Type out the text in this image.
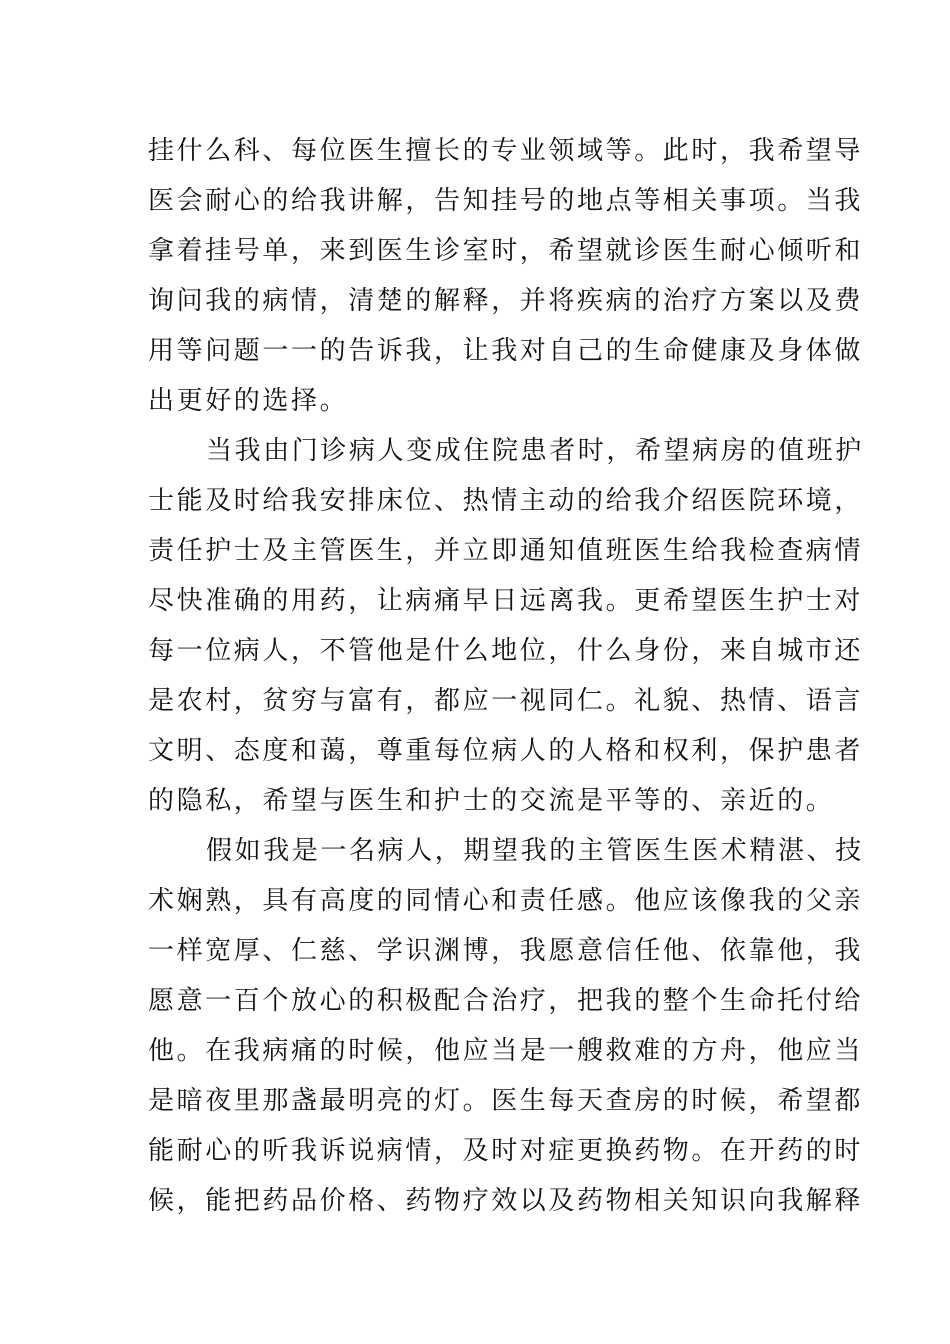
挂什么科、每位医生擅长的专业领域等。此时，我希望导
医会耐心的给我讲解，告知挂号的地点等相关事项。当我
拿着挂号单，来到医生诊室时，希望就诊医生耐心倾听和
询问我的病情，清楚的解释，并将疾病的治疗方案以及费
用等问题一一的告诉我，让我对自己的生命健康及身体做
出更好的选择。
当我由门诊病人变成住院患者时，希望病房的值班护
士能及时给我安排床位、热情主动的给我介绍医院环境，
责任护士及主管医生，并立即通知值班医生给我检查病情
尽快准确的用药，让病痛早日远离我。更希望医生护士对
每一位病人，不管他是什么地位，什么身份，来自城市还
是农村，贫穷与富有，都应一视同仁。礼貌、热情、语言
文明、态度和蔼，尊重每位病人的人格和权利，保护患者
的隐私，希望与医生和护士的交流是平等的、亲近的。
假如我是一名病人，期望我的主管医生医术精湛、技
术娴熟，具有高度的同情心和责任感。他应该像我的父亲
一样宽厚、仁慈、学识渊博，我愿意信任他、依靠他，我
愿意一百个放心的积极配合治疗，把我的整个生命托付给
他。在我病痛的时候，他应当是一艘救难的方舟，他应当
是暗夜里那盏最明亮的灯。医生每天查房的时候，希望都
能耐心的听我诉说病情，及时对症更换药物。在开药的时
候，能把药品价格、药物疗效以及药物相关知识向我解释
